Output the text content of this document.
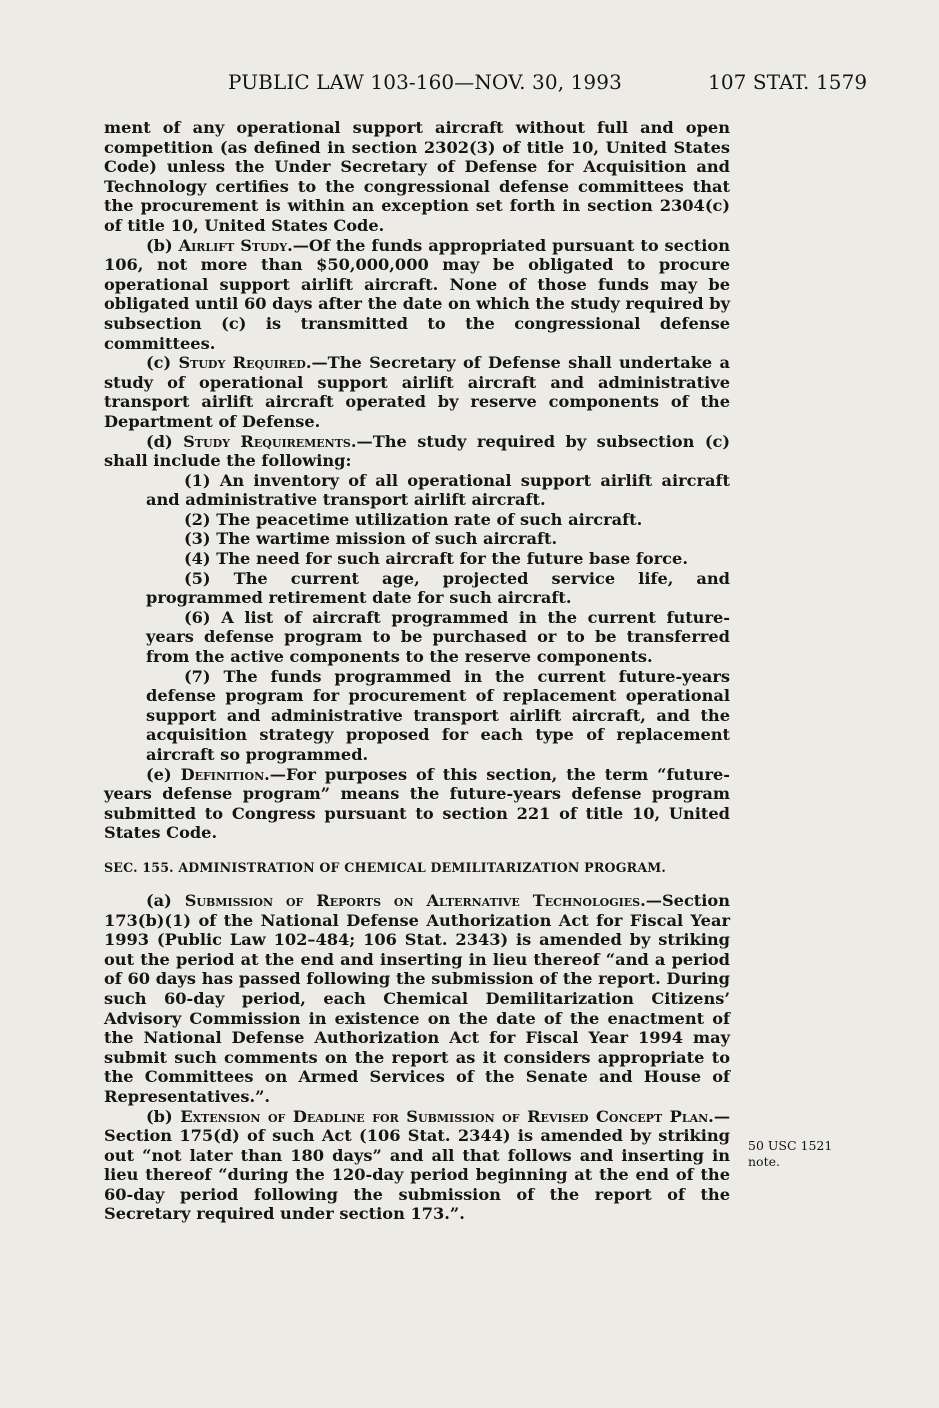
PUBLIC LAW 103-160—NOV. 30, 1993	107 STAT. 1579

ment of any operational support aircraft without full and open competition (as defined in section 2302(3) of title 10, United States Code) unless the Under Secretary of Defense for Acquisition and Technology certifies to the congressional defense committees that the procurement is within an exception set forth in section 2304(c) of title 10, United States Code.

(b) Airlift Study.—Of the funds appropriated pursuant to section 106, not more than $50,000,000 may be obligated to procure operational support airlift aircraft. None of those funds may be obligated until 60 days after the date on which the study required by subsection (c) is transmitted to the congressional defense committees.

(c) Study Required.—The Secretary of Defense shall undertake a study of operational support airlift aircraft and administrative transport airlift aircraft operated by reserve components of the Department of Defense.

(d) Study Requirements.—The study required by subsection (c) shall include the following:

(1) An inventory of all operational support airlift aircraft and administrative transport airlift aircraft.

(2) The peacetime utilization rate of such aircraft.

(3) The wartime mission of such aircraft.

(4) The need for such aircraft for the future base force.

(5) The current age, projected service life, and programmed retirement date for such aircraft.

(6) A list of aircraft programmed in the current future-years defense program to be purchased or to be transferred from the active components to the reserve components.

(7) The funds programmed in the current future-years defense program for procurement of replacement operational support and administrative transport airlift aircraft, and the acquisition strategy proposed for each type of replacement aircraft so programmed.

(e) Definition.—For purposes of this section, the term “future-years defense program” means the future-years defense program submitted to Congress pursuant to section 221 of title 10, United States Code.

SEC. 155. ADMINISTRATION OF CHEMICAL DEMILITARIZATION PROGRAM.

(a) Submission of Reports on Alternative Technologies.—Section 173(b)(1) of the National Defense Authorization Act for Fiscal Year 1993 (Public Law 102–484; 106 Stat. 2343) is amended by striking out the period at the end and inserting in lieu thereof “and a period of 60 days has passed following the submission of the report. During such 60-day period, each Chemical Demilitarization Citizens’ Advisory Commission in existence on the date of the enactment of the National Defense Authorization Act for Fiscal Year 1994 may submit such comments on the report as it considers appropriate to the Committees on Armed Services of the Senate and House of Representatives.”.

(b) Extension of Deadline for Submission of Revised Concept Plan.—Section 175(d) of such Act (106 Stat. 2344) is amended by striking out “not later than 180 days” and all that follows and inserting in lieu thereof “during the 120-day period beginning at the end of the 60-day period following the submission of the report of the Secretary required under section 173.”.

50 USC 1521 note.
